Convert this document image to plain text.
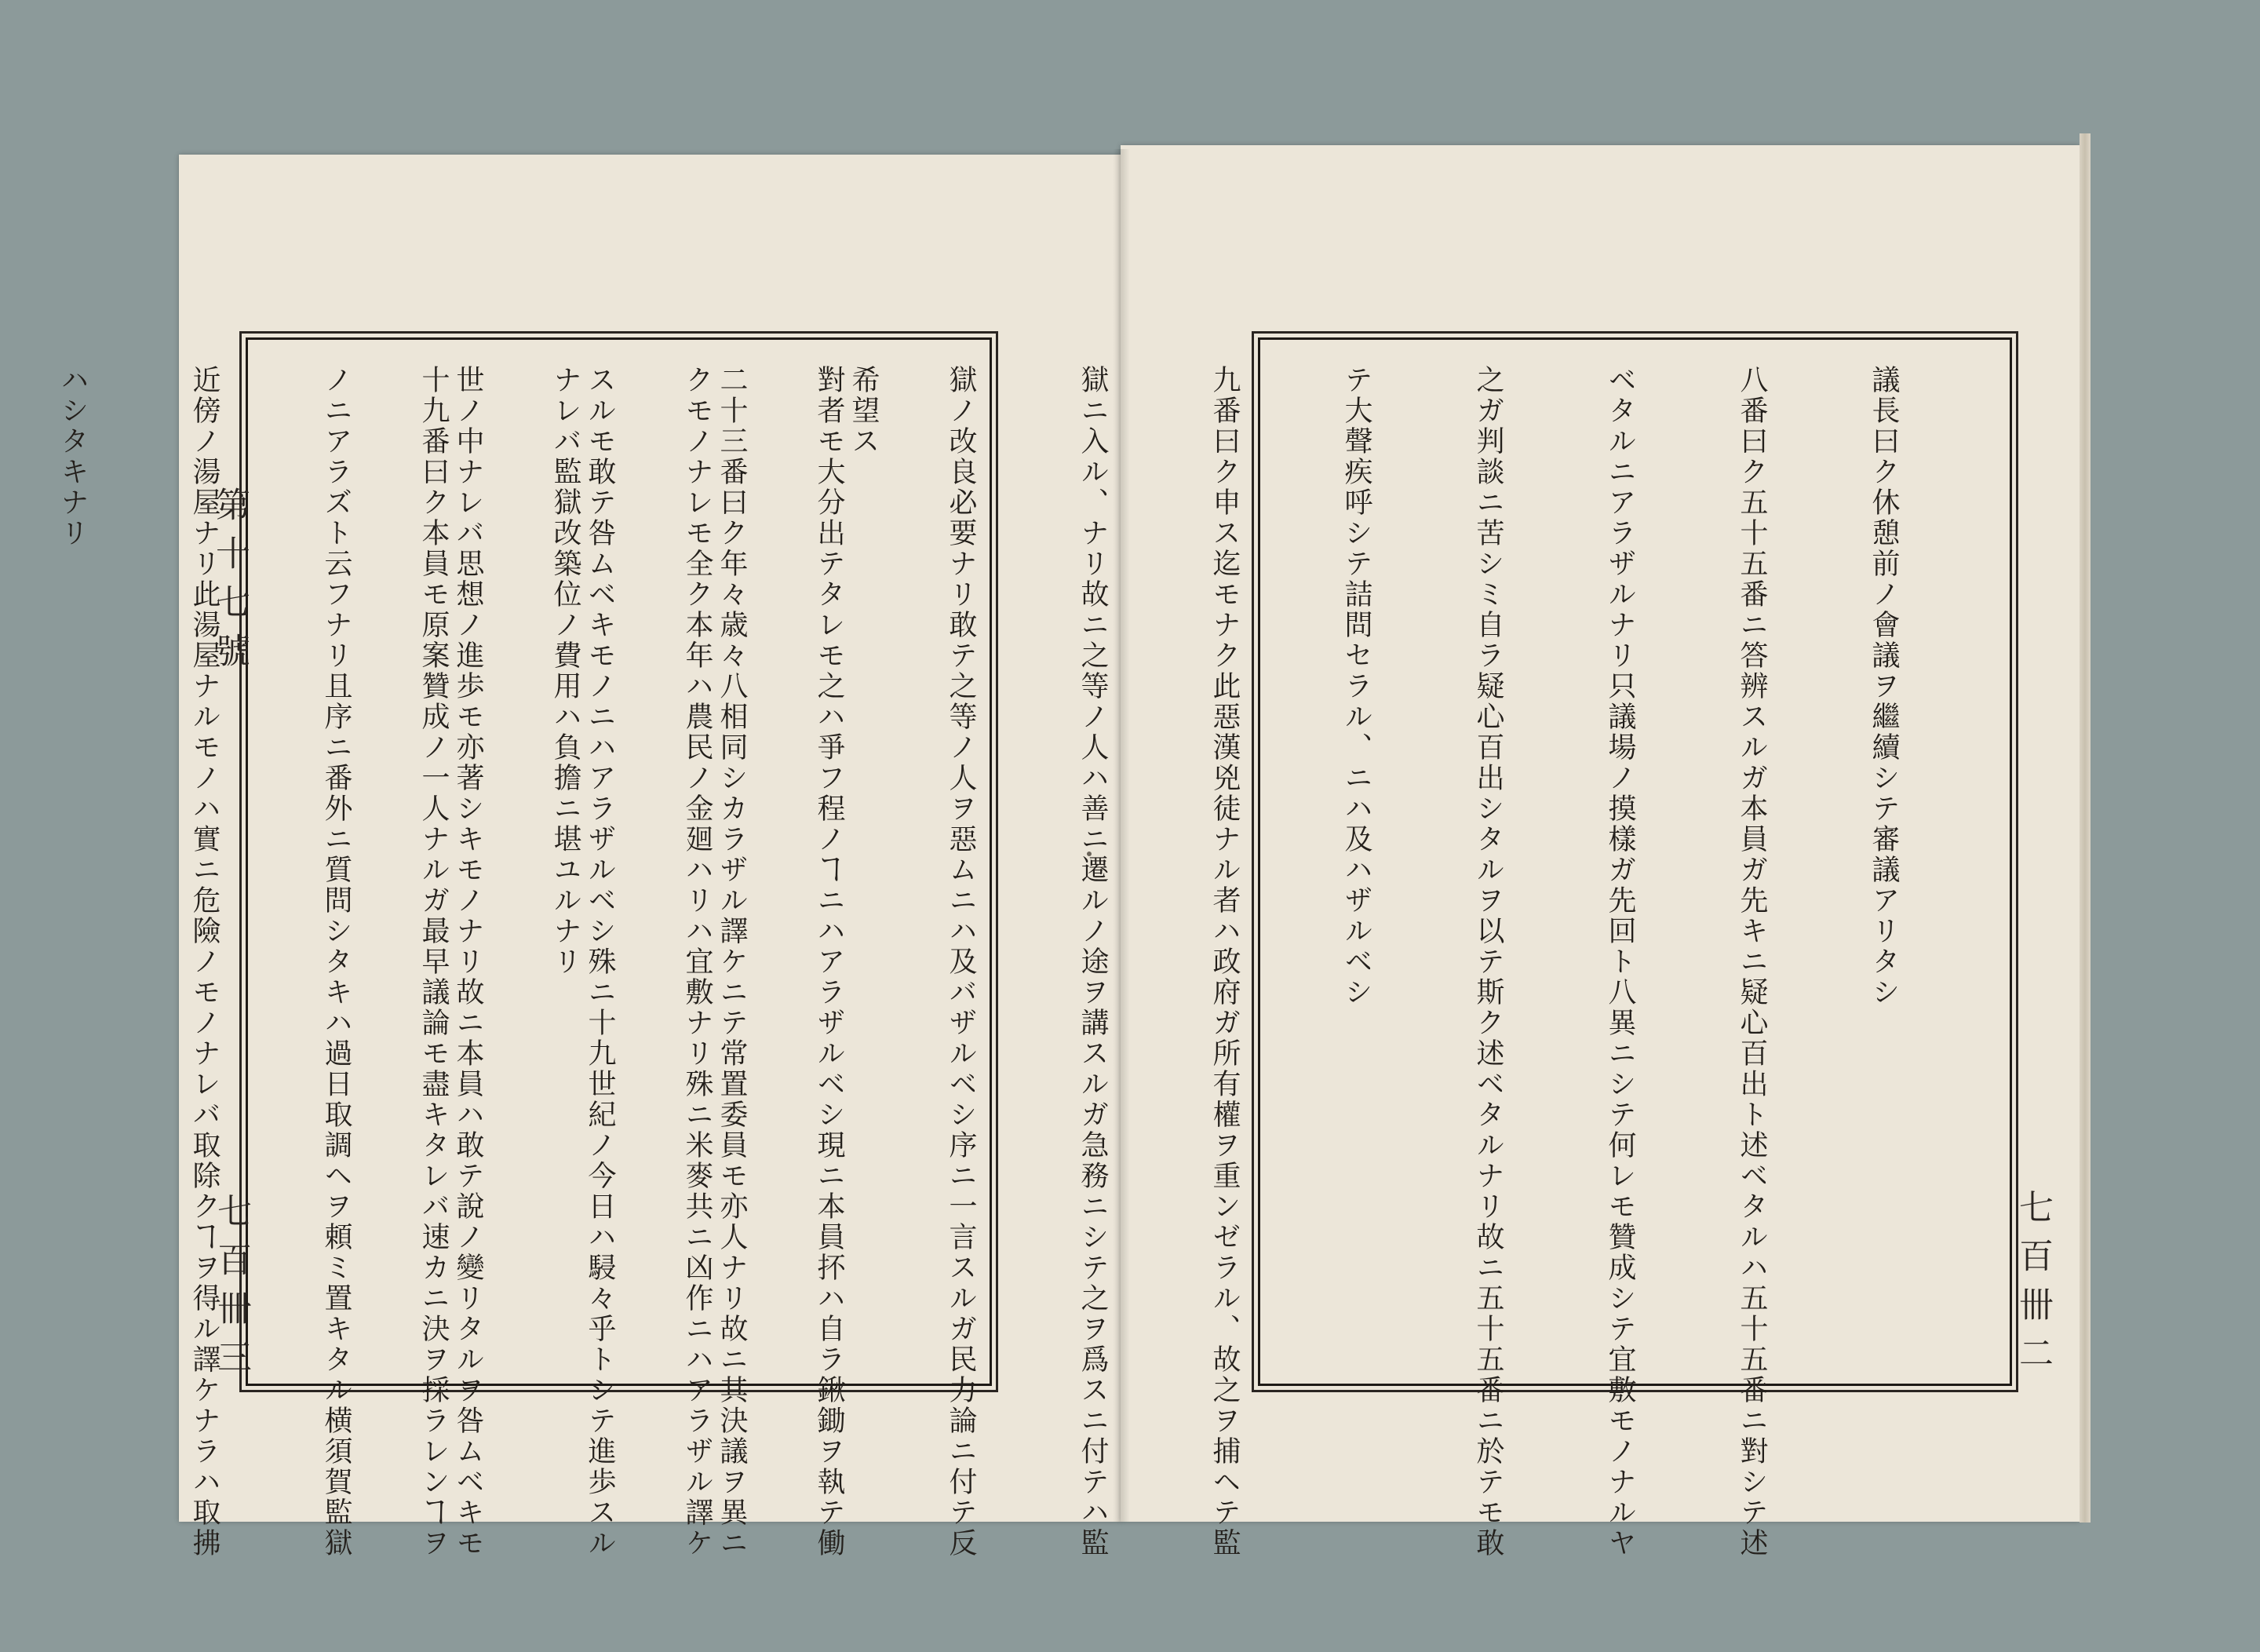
希望ス

二十三番曰ク年々歳々八相同シカラザル譯ケニテ常置委員モ亦人ナリ故ニ其決議ヲ異ニ

スルモ敢テ咎ムベキモノニハアラザルベシ殊ニ十九世紀ノ今日ハ駸々乎トシテ進歩スル

世ノ中ナレバ思想ノ進歩モ亦著シキモノナリ故ニ本員ハ敢テ說ノ變リタルヲ咎ムベキモ

ノニアラズト云フナリ且序ニ番外ニ質問シタキハ過日取調ヘヲ頼ミ置キタル横須賀監獄

近傍ノ湯屋ナリ此湯屋ナルモノハ實ニ危險ノモノナレバ取除クヿヲ得ル譯ケナラハ取拂

ハシタキナリ

	議長曰ク休憩前ノ會議ヲ繼續シテ審議アリタシ

八番曰ク五十五番ニ答辨スルガ本員ガ先キニ疑心百出ト述ベタルハ五十五番ニ對シテ述

ベタルニアラザルナリ只議場ノ摸樣ガ先回ト八異ニシテ何レモ贊成シテ宜敷モノナルヤ

之ガ判談ニ苦シミ自ラ疑心百出シタルヲ以テ斯ク述ベタルナリ故ニ五十五番ニ於テモ敢

テ大聲疾呼シテ詰問セラル、ニハ及ハザルベシ

九番曰ク申ス迄モナク此惡漢兇徒ナル者ハ政府ガ所有權ヲ重ンゼラル、故之ヲ捕ヘテ監

獄ニ入ル、ナリ故ニ之等ノ人ハ善ニ遷ルノ途ヲ講スルガ急務ニシテ之ヲ爲スニ付テハ監

獄ノ改良必要ナリ敢テ之等ノ人ヲ惡ムニハ及バザルベシ序ニ一言スルガ民力論ニ付テ反

對者モ大分出テタレモ之ハ爭フ程ノヿニハアラザルベシ現ニ本員抔ハ自ラ鍬鋤ヲ執テ働

クモノナレモ全ク本年ハ農民ノ金廻ハリハ宜敷ナリ殊ニ米麥共ニ凶作ニハアラザル譯ケ

ナレバ監獄改築位ノ費用ハ負擔ニ堪ユルナリ

十九番曰ク本員モ原案贊成ノ一人ナルガ最早議論モ盡キタレバ速カニ決ヲ採ラレンヿヲ

第十七號
七百卌三	七百卌二
